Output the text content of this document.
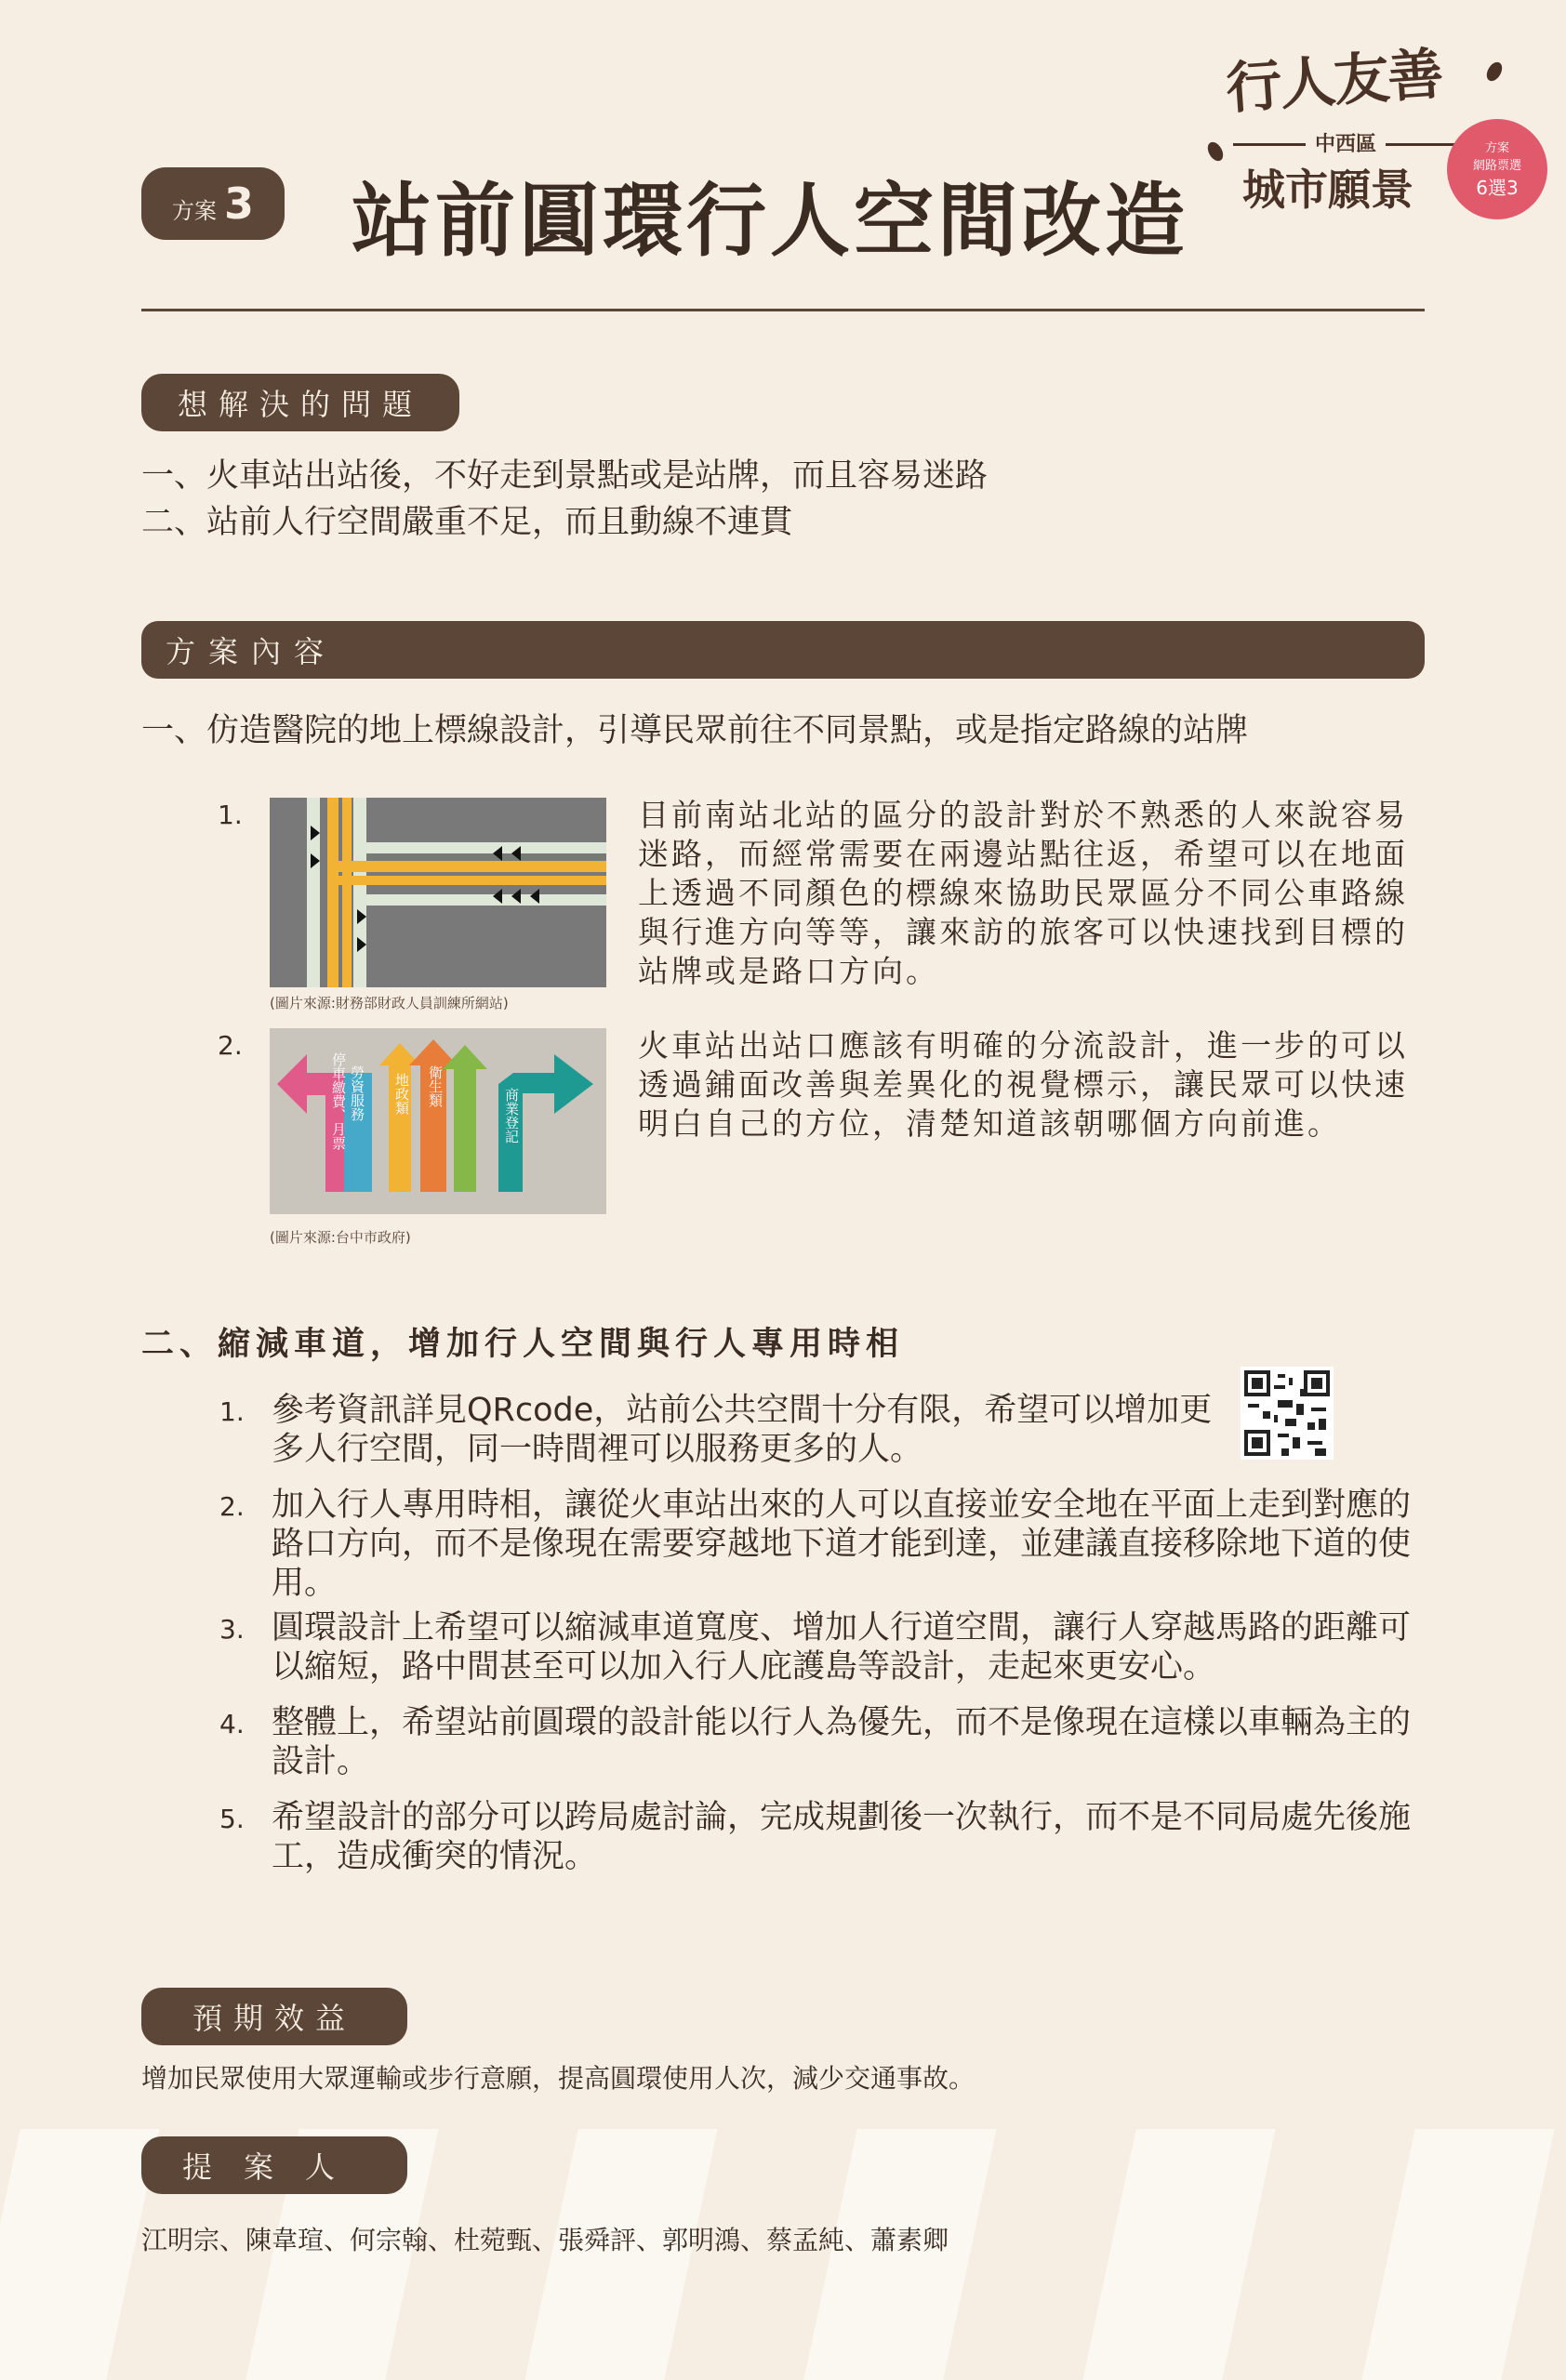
行人友善
中西區
城市願景
方案
網路票選
6選3
方案 3 站前圓環行人空間改造
想解決的問題
一、火車站出站後，不好走到景點或是站牌，而且容易迷路
二、站前人行空間嚴重不足，而且動線不連貫
方案內容
一、仿造醫院的地上標線設計，引導民眾前往不同景點，或是指定路線的站牌
1.
(圖片來源:財務部財政人員訓練所網站)
目前南站北站的區分的設計對於不熟悉的人來說容易迷路，而經常需要在兩邊站點往返，希望可以在地面上透過不同顏色的標線來協助民眾區分不同公車路線與行進方向等等，讓來訪的旅客可以快速找到目標的站牌或是路口方向。
2.
停車繳費、月票 勞資服務 地政類 衛生類
商業登記
(圖片來源:台中市政府)
火車站出站口應該有明確的分流設計，進一步的可以透過鋪面改善與差異化的視覺標示，讓民眾可以快速明白自己的方位，清楚知道該朝哪個方向前進。
二、縮減車道，增加行人空間與行人專用時相
1. 參考資訊詳見QRcode，站前公共空間十分有限，希望可以增加更多人行空間，同一時間裡可以服務更多的人。
2. 加入行人專用時相，讓從火車站出來的人可以直接並安全地在平面上走到對應的路口方向，而不是像現在需要穿越地下道才能到達，並建議直接移除地下道的使用。
3. 圓環設計上希望可以縮減車道寬度、增加人行道空間，讓行人穿越馬路的距離可以縮短，路中間甚至可以加入行人庇護島等設計，走起來更安心。
4. 整體上，希望站前圓環的設計能以行人為優先，而不是像現在這樣以車輛為主的設計。
5. 希望設計的部分可以跨局處討論，完成規劃後一次執行，而不是不同局處先後施工，造成衝突的情況。
預期效益
增加民眾使用大眾運輸或步行意願，提高圓環使用人次，減少交通事故。
提案人
江明宗、陳韋瑄、何宗翰、杜菀甄、張舜評、郭明鴻、蔡孟純、蕭素卿
